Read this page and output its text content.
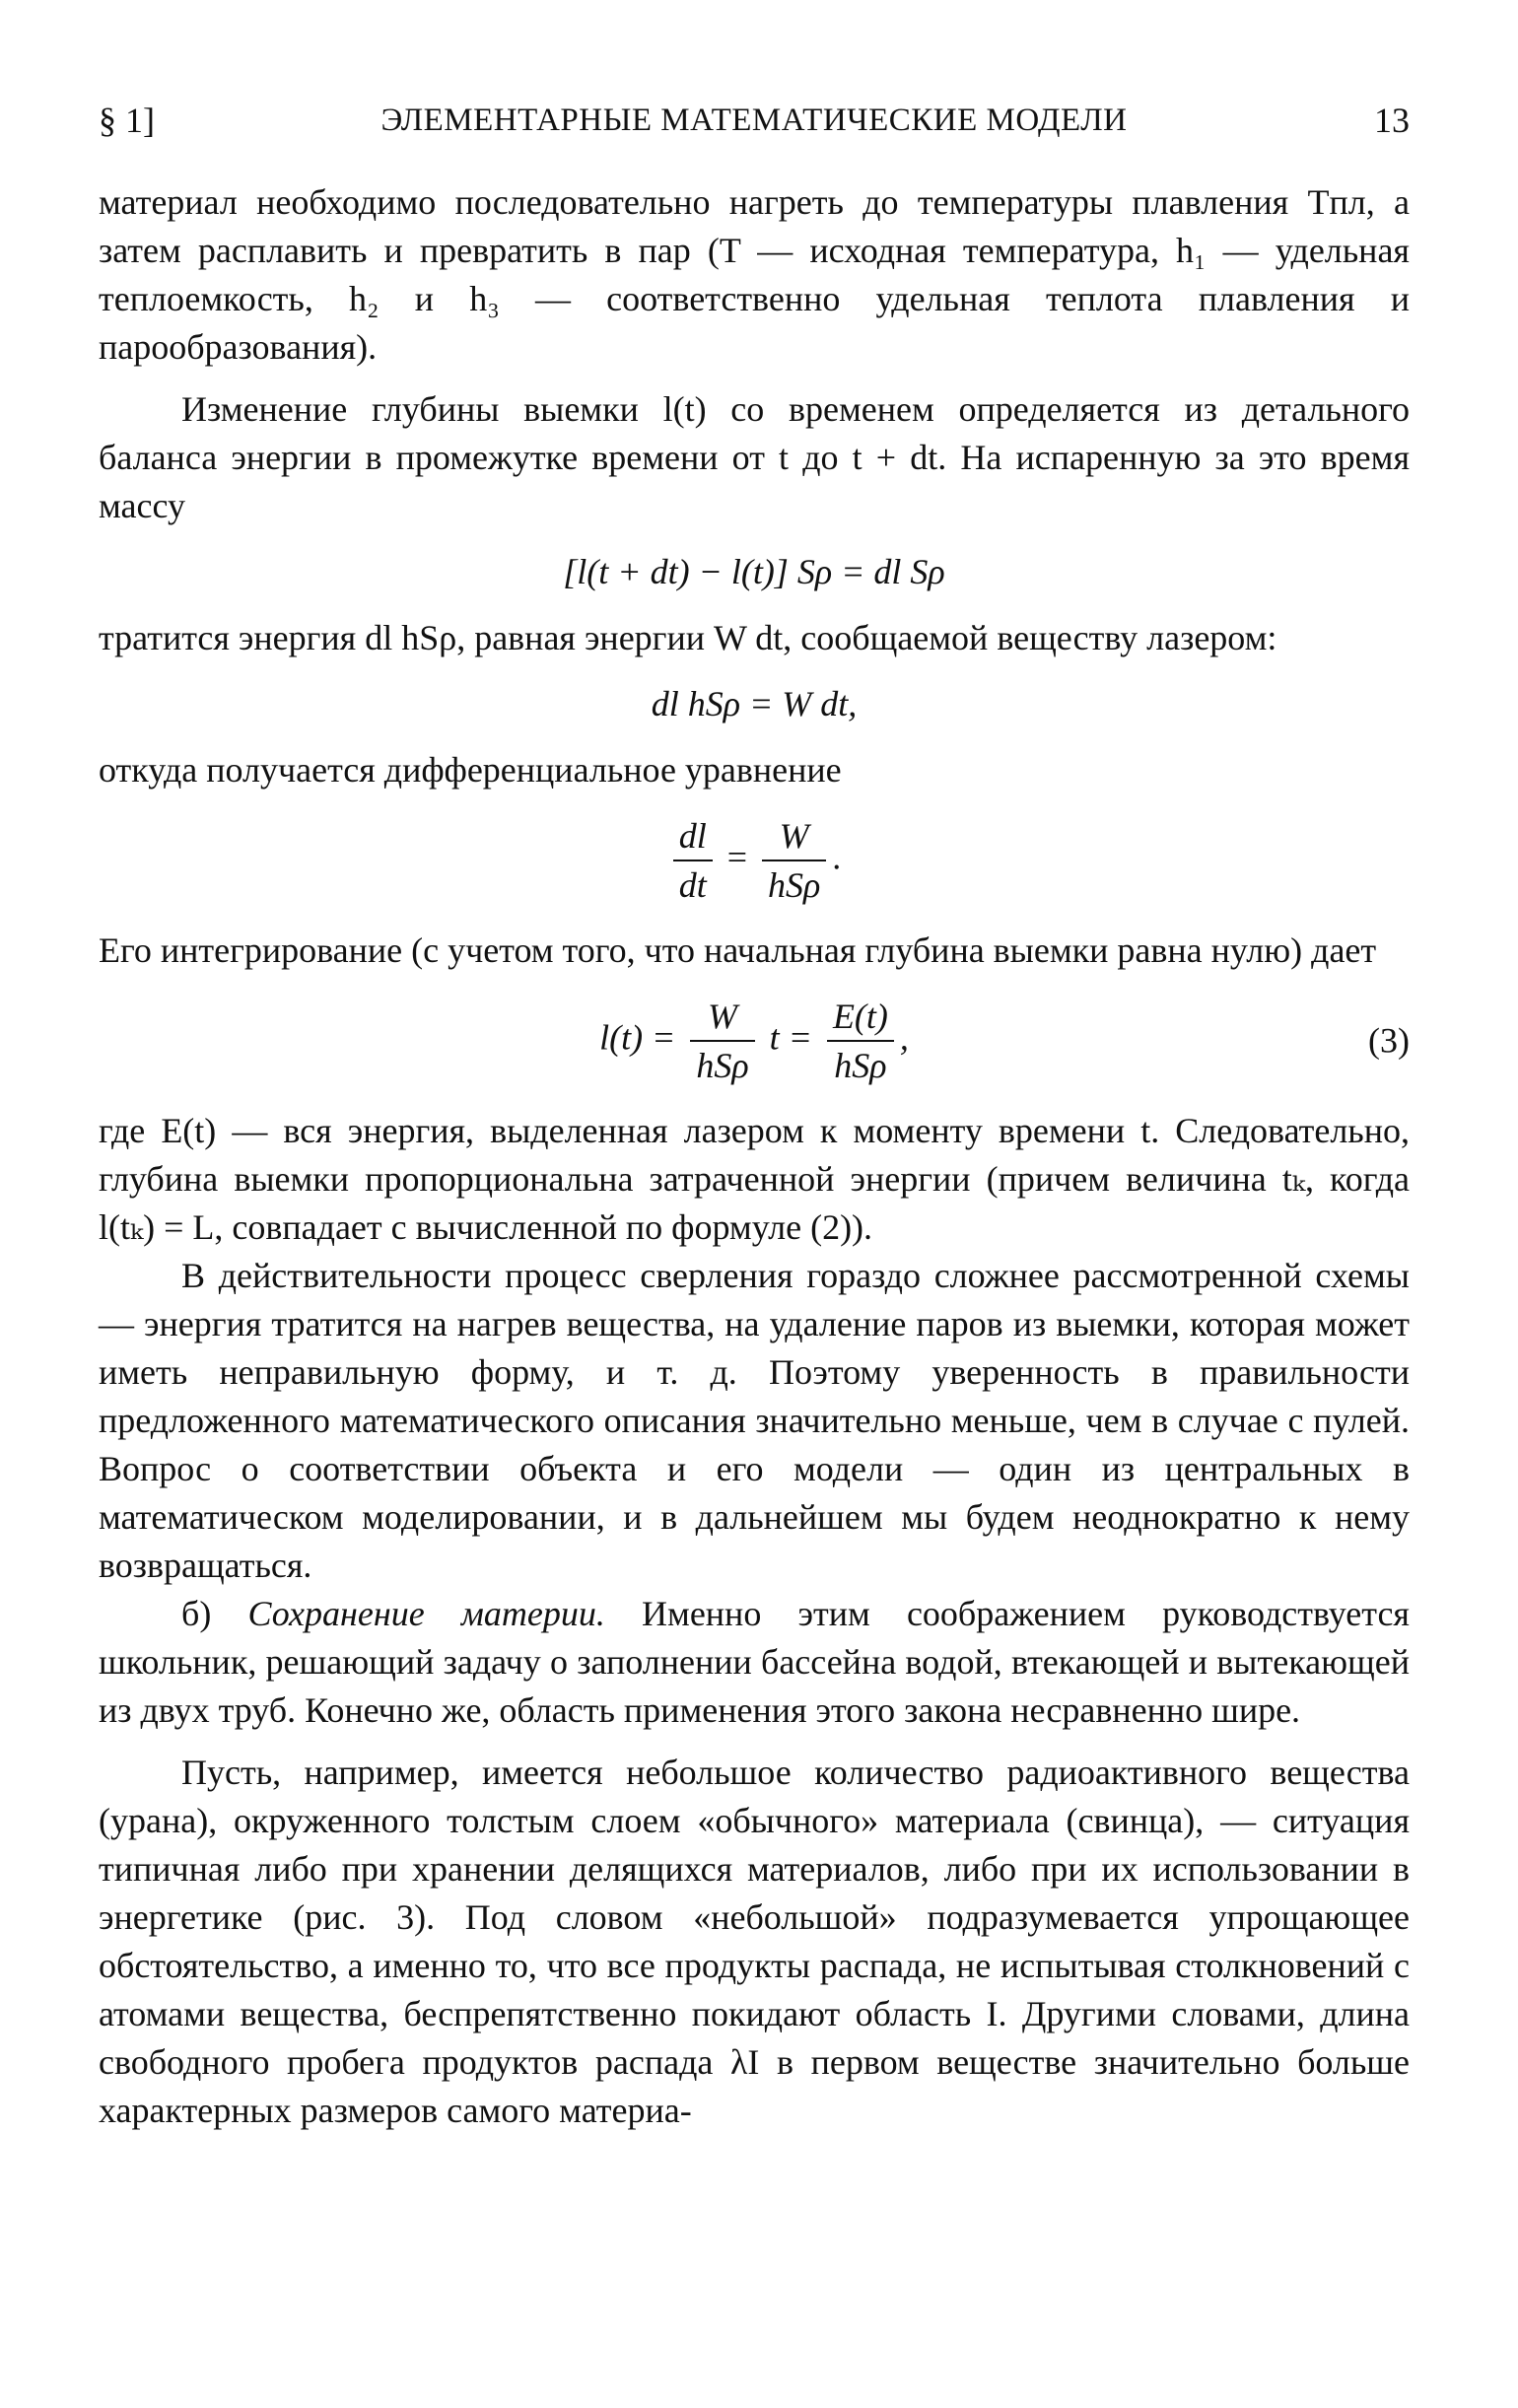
§ 1]	ЭЛЕМЕНТАРНЫЕ МАТЕМАТИЧЕСКИЕ МОДЕЛИ	13

материал необходимо последовательно нагреть до температуры плавления Tпл, а затем расплавить и превратить в пар (T — исходная температура, h₁ — удельная теплоемкость, h₂ и h₃ — соответственно удельная теплота плавления и парообразования).

Изменение глубины выемки l(t) со временем определяется из детального баланса энергии в промежутке времени от t до t + dt. На испаренную за это время массу

[l(t + dt) − l(t)] Sρ = dl Sρ

тратится энергия dl hSρ, равная энергии W dt, сообщаемой веществу лазером:

dl hSρ = W dt,

откуда получается дифференциальное уравнение

$\frac{dl}{dt} = \frac{W}{\text{hSρ}}$ .

Его интегрирование (с учетом того, что начальная глубина выемки равна нулю) дает

$l(t) = \frac{W}{\text{hSρ}}$ $t = \frac{E(t)}{\text{hSρ}}$ ,	(3)

где E(t) — вся энергия, выделенная лазером к моменту времени t. Следовательно, глубина выемки пропорциональна затраченной энергии (причем величина tₖ, когда l(tₖ) = L, совпадает с вычисленной по формуле (2)).

В действительности процесс сверления гораздо сложнее рассмотренной схемы — энергия тратится на нагрев вещества, на удаление паров из выемки, которая может иметь неправильную форму, и т. д. Поэтому уверенность в правильности предложенного математического описания значительно меньше, чем в случае с пулей. Вопрос о соответствии объекта и его модели — один из центральных в математическом моделировании, и в дальнейшем мы будем неоднократно к нему возвращаться.

б) Сохранение материи. Именно этим соображением руководствуется школьник, решающий задачу о заполнении бассейна водой, втекающей и вытекающей из двух труб. Конечно же, область применения этого закона несравненно шире.

Пусть, например, имеется небольшое количество радиоактивного вещества (урана), окруженного толстым слоем «обычного» материала (свинца), — ситуация типичная либо при хранении делящихся материалов, либо при их использовании в энергетике (рис. 3). Под словом «небольшой» подразумевается упрощающее обстоятельство, а именно то, что все продукты распада, не испытывая столкновений с атомами вещества, беспрепятственно покидают область I. Другими словами, длина свободного пробега продуктов распада λI в первом веществе значительно больше характерных размеров самого материа-
